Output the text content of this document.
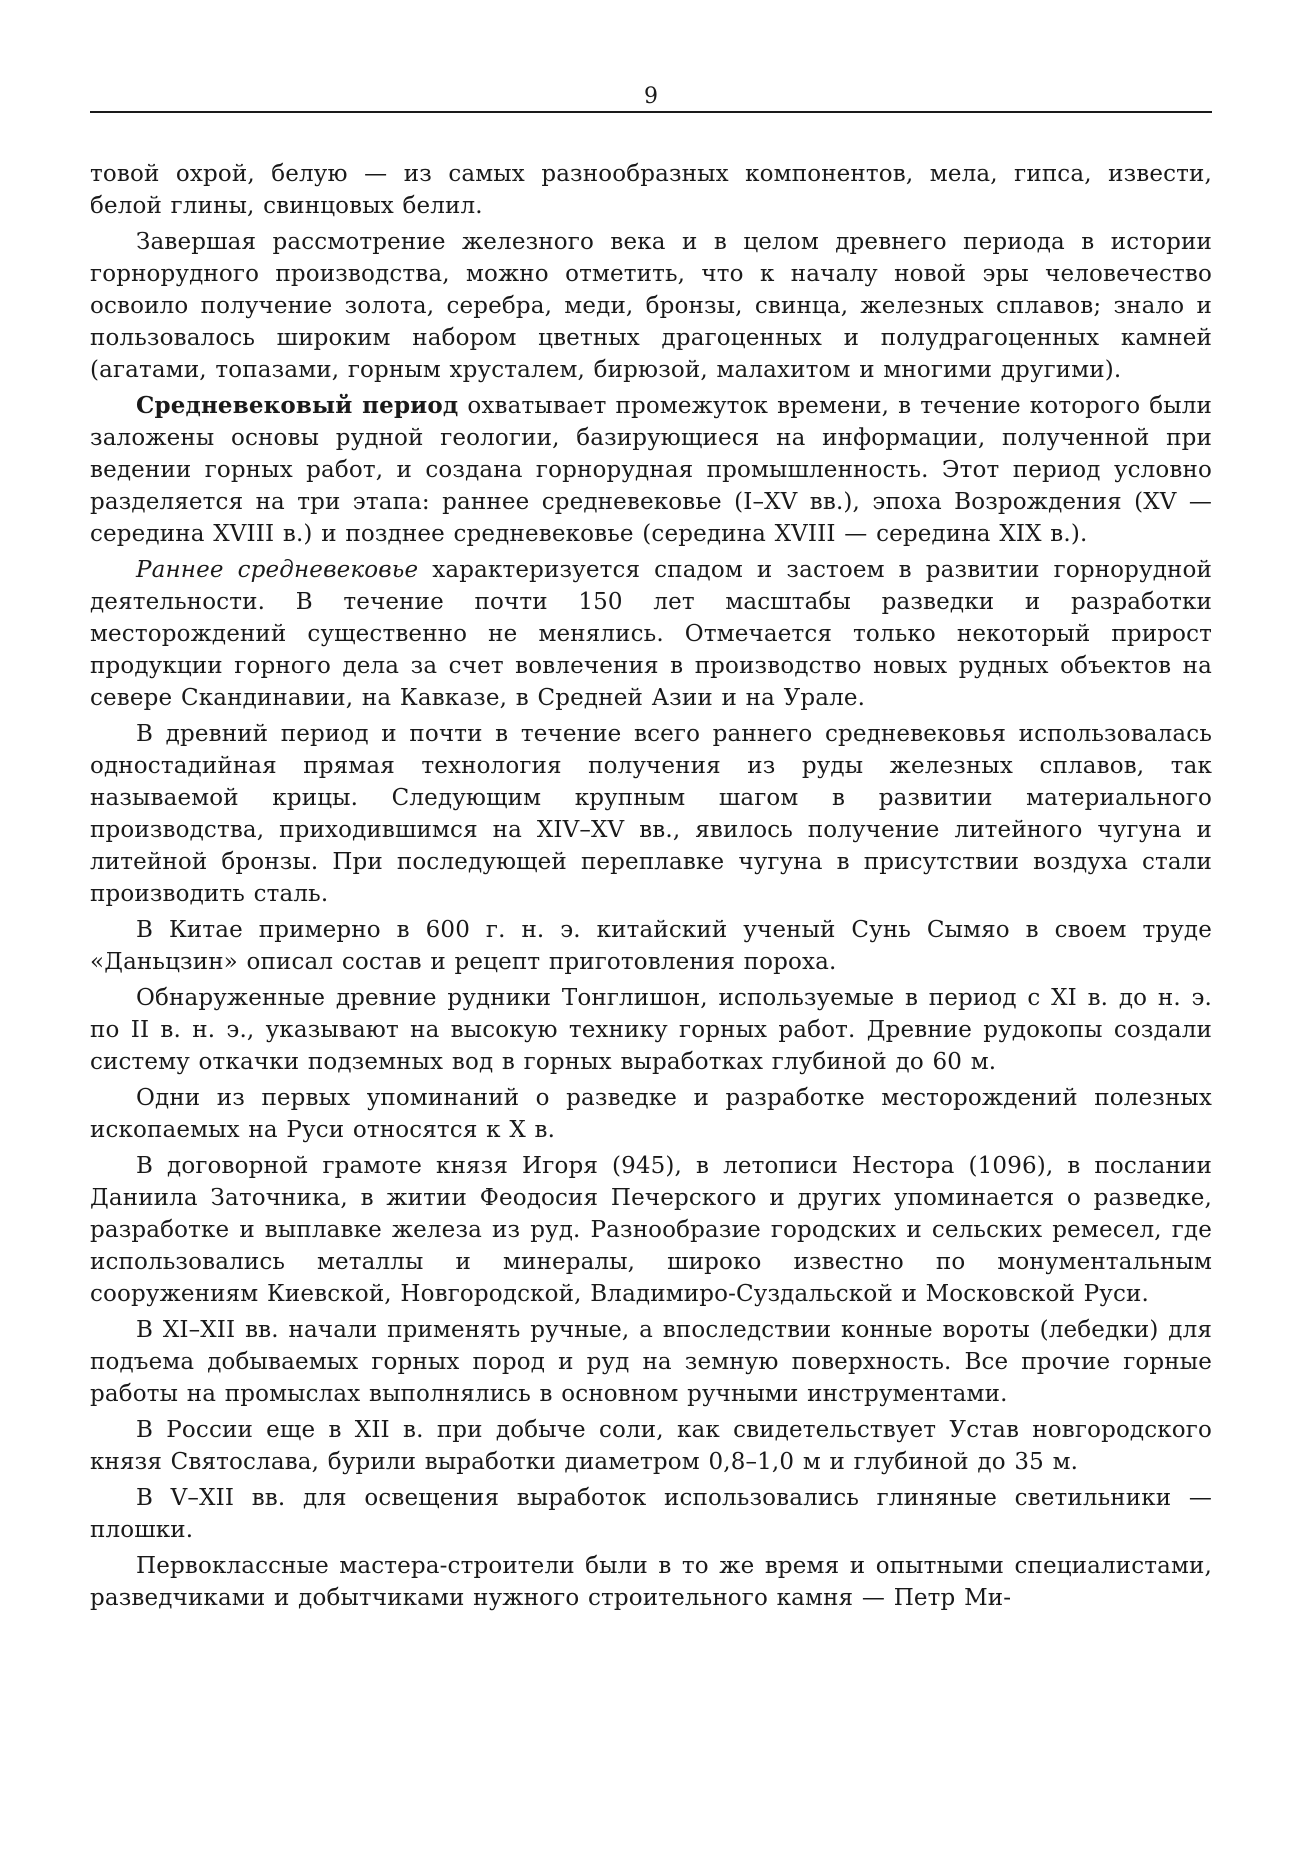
9

товой охрой, белую — из самых разнообразных компонентов, мела, гипса, извести, белой глины, свинцовых белил.

Завершая рассмотрение железного века и в целом древнего периода в истории горнорудного производства, можно отметить, что к началу новой эры человечество освоило получение золота, серебра, меди, бронзы, свинца, железных сплавов; знало и пользовалось широким набором цветных драгоценных и полудрагоценных камней (агатами, топазами, горным хрусталем, бирюзой, малахитом и многими другими).

Средневековый период охватывает промежуток времени, в течение которого были заложены основы рудной геологии, базирующиеся на информации, полученной при ведении горных работ, и создана горнорудная промышленность. Этот период условно разделяется на три этапа: раннее средневековье (I–XV вв.), эпоха Возрождения (XV — середина XVIII в.) и позднее средневековье (середина XVIII — середина XIX в.).

Раннее средневековье характеризуется спадом и застоем в развитии горнорудной деятельности. В течение почти 150 лет масштабы разведки и разработки месторождений существенно не менялись. Отмечается только некоторый прирост продукции горного дела за счет вовлечения в производство новых рудных объектов на севере Скандинавии, на Кавказе, в Средней Азии и на Урале.

В древний период и почти в течение всего раннего средневековья использовалась одностадийная прямая технология получения из руды железных сплавов, так называемой крицы. Следующим крупным шагом в развитии материального производства, приходившимся на XIV–XV вв., явилось получение литейного чугуна и литейной бронзы. При последующей переплавке чугуна в присутствии воздуха стали производить сталь.

В Китае примерно в 600 г. н. э. китайский ученый Сунь Сымяо в своем труде «Даньцзин» описал состав и рецепт приготовления пороха.

Обнаруженные древние рудники Тонглишон, используемые в период с XI в. до н. э. по II в. н. э., указывают на высокую технику горных работ. Древние рудокопы создали систему откачки подземных вод в горных выработках глубиной до 60 м.

Одни из первых упоминаний о разведке и разработке месторождений полезных ископаемых на Руси относятся к X в.

В договорной грамоте князя Игоря (945), в летописи Нестора (1096), в послании Даниила Заточника, в житии Феодосия Печерского и других упоминается о разведке, разработке и выплавке железа из руд. Разнообразие городских и сельских ремесел, где использовались металлы и минералы, широко известно по монументальным сооружениям Киевской, Новгородской, Владимиро-Суздальской и Московской Руси.

В XI–XII вв. начали применять ручные, а впоследствии конные вороты (лебедки) для подъема добываемых горных пород и руд на земную поверхность. Все прочие горные работы на промыслах выполнялись в основном ручными инструментами.

В России еще в XII в. при добыче соли, как свидетельствует Устав новгородского князя Святослава, бурили выработки диаметром 0,8–1,0 м и глубиной до 35 м.

В V–XII вв. для освещения выработок использовались глиняные светильники — плошки.

Первоклассные мастера-строители были в то же время и опытными специалистами, разведчиками и добытчиками нужного строительного камня — Петр Ми-
